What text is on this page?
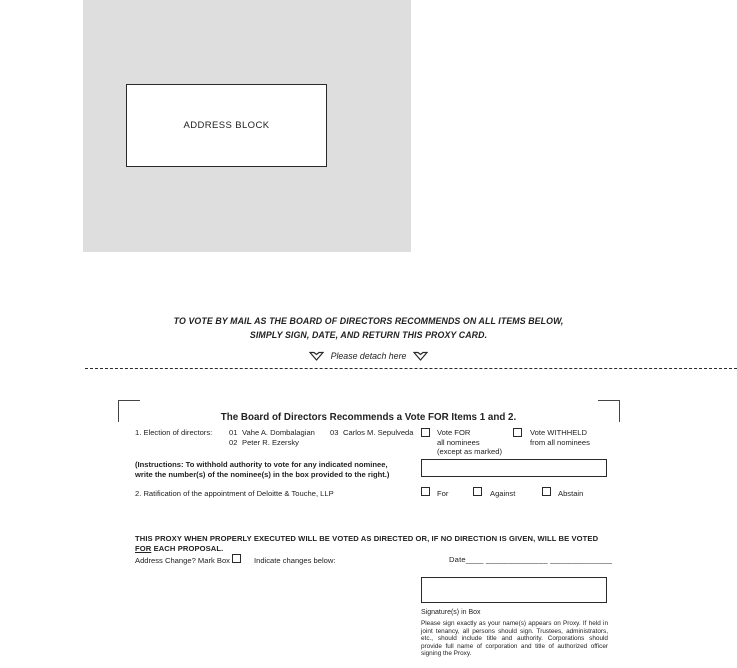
ADDRESS BLOCK
TO VOTE BY MAIL AS THE BOARD OF DIRECTORS RECOMMENDS ON ALL ITEMS BELOW,
SIMPLY SIGN, DATE, AND RETURN THIS PROXY CARD.
Please detach here
The Board of Directors Recommends a Vote FOR Items 1 and 2.
1. Election of directors: 01 Vahe A. Dombalagian
02 Peter R. Ezersky
03 Carlos M. Sepulveda	Vote FOR
all nominees
(except as marked)
Vote WITHHELD
from all nominees
(Instructions: To withhold authority to vote for any indicated nominee,
write the number(s) of the nominee(s) in the box provided to the right.)
2. Ratification of the appointment of Deloitte & Touche, LLP	For	Against	Abstain
THIS PROXY WHEN PROPERLY EXECUTED WILL BE VOTED AS DIRECTED OR, IF NO DIRECTION IS GIVEN, WILL BE VOTED
FOR EACH PROPOSAL.
Address Change? Mark Box	Indicate changes below:	Date____ ______________ ______________
Signature(s) in Box
Please sign exactly as your name(s) appears on Proxy. If held in joint tenancy, all persons should sign. Trustees, administrators, etc., should include title and authority. Corporations should provide full name of corporation and title of authorized officer signing the Proxy.
